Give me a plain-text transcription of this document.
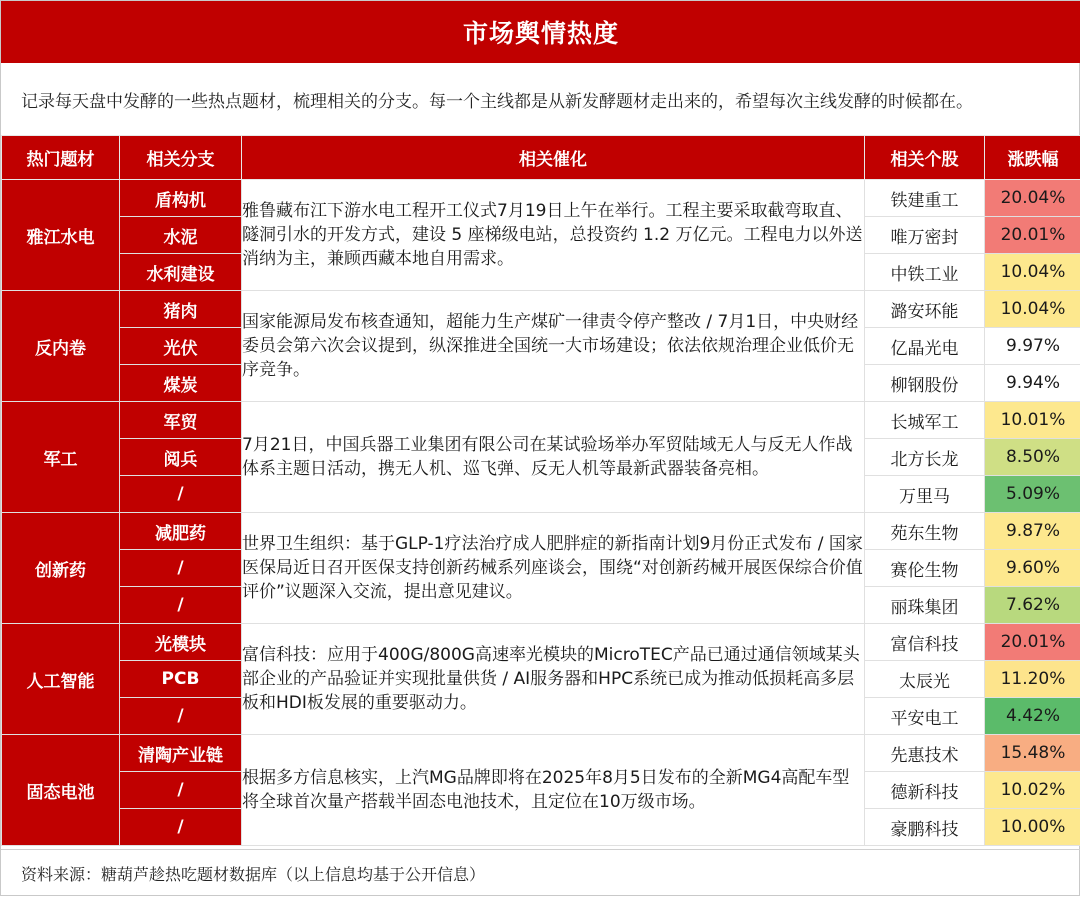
市场舆情热度
记录每天盘中发酵的一些热点题材，梳理相关的分支。每一个主线都是从新发酵题材走出来的，希望每次主线发酵的时候都在。
热门题材	相关分支	相关催化	相关个股	涨跌幅
雅江水电	盾构机	雅鲁藏布江下游水电工程开工仪式7月19日上午在举行。工程主要采取截弯取直、隧洞引水的开发方式，建设 5 座梯级电站，总投资约 1.2 万亿元。工程电力以外送消纳为主，兼顾西藏本地自用需求。	铁建重工	20.04%
	水泥		唯万密封	20.01%
	水利建设		中铁工业	10.04%
反内卷	猪肉	国家能源局发布核查通知，超能力生产煤矿一律责令停产整改 / 7月1日，中央财经委员会第六次会议提到，纵深推进全国统一大市场建设；依法依规治理企业低价无序竞争。	潞安环能	10.04%
	光伏		亿晶光电	9.97%
	煤炭		柳钢股份	9.94%
军工	军贸	7月21日，中国兵器工业集团有限公司在某试验场举办军贸陆域无人与反无人作战体系主题日活动，携无人机、巡飞弹、反无人机等最新武器装备亮相。	长城军工	10.01%
	阅兵		北方长龙	8.50%
	/		万里马	5.09%
创新药	减肥药	世界卫生组织：基于GLP-1疗法治疗成人肥胖症的新指南计划9月份正式发布 / 国家医保局近日召开医保支持创新药械系列座谈会，围绕“对创新药械开展医保综合价值评价”议题深入交流，提出意见建议。	苑东生物	9.87%
	/		赛伦生物	9.60%
	/		丽珠集团	7.62%
人工智能	光模块	富信科技：应用于400G/800G高速率光模块的MicroTEC产品已通过通信领域某头部企业的产品验证并实现批量供货 / AI服务器和HPC系统已成为推动低损耗高多层板和HDI板发展的重要驱动力。	富信科技	20.01%
	PCB		太辰光	11.20%
	/		平安电工	4.42%
固态电池	清陶产业链	根据多方信息核实，上汽MG品牌即将在2025年8月5日发布的全新MG4高配车型将全球首次量产搭载半固态电池技术，且定位在10万级市场。	先惠技术	15.48%
	/		德新科技	10.02%
	/		豪鹏科技	10.00%
资料来源：糖葫芦趁热吃题材数据库（以上信息均基于公开信息）
